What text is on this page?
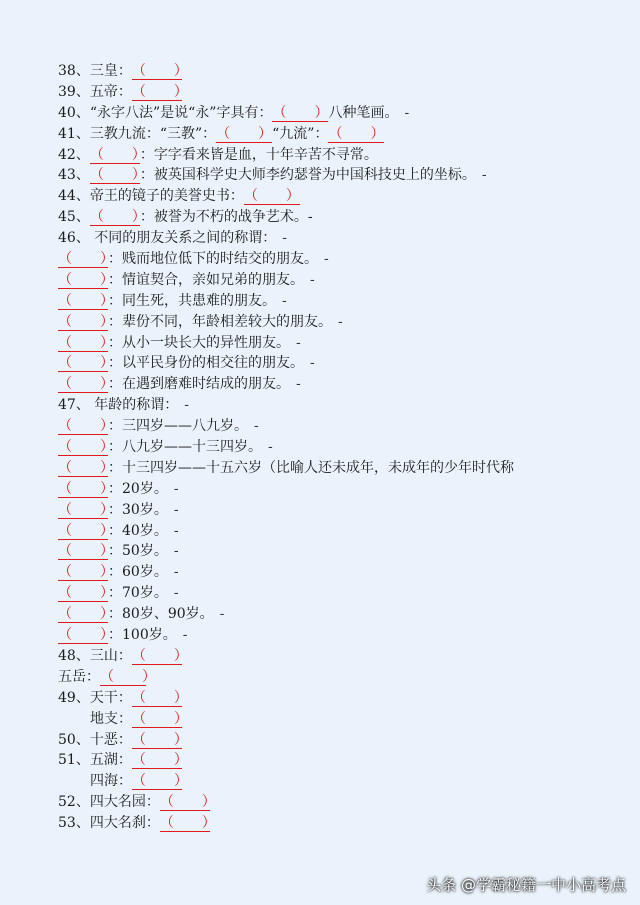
38、三皇：（　　）
39、五帝：（　　）
40、“永字八法”是说“永”字具有：（　　）八种笔画。 -
41、三教九流：“三教”：（　　）“九流”：（　　）
42、（　　）：字字看来皆是血，十年辛苦不寻常。
43、（　　）：被英国科学史大师李约瑟誉为中国科技史上的坐标。 -
44、帝王的镜子的美誉史书：（　　）
45、（　　）：被誉为不朽的战争艺术。-
46、 不同的朋友关系之间的称谓： -
（　　）：贱而地位低下的时结交的朋友。 -
（　　）：情谊契合，亲如兄弟的朋友。 -
（　　）：同生死，共患难的朋友。 -
（　　）：辈份不同，年龄相差较大的朋友。 -
（　　）：从小一块长大的异性朋友。 -
（　　）：以平民身份的相交往的朋友。 -
（　　）：在遇到磨难时结成的朋友。 -
47、 年龄的称谓： -
（　　）：三四岁——八九岁。 -
（　　）：八九岁——十三四岁。 -
（　　）：十三四岁——十五六岁（比喻人还未成年，未成年的少年时代称
（　　）：20岁。 -
（　　）：30岁。 -
（　　）：40岁。 -
（　　）：50岁。 -
（　　）：60岁。 -
（　　）：70岁。 -
（　　）：80岁、90岁。 -
（　　）：100岁。 -
48、三山：（　　）
五岳：（　　）
49、天干：（　　）
地支：（　　）
50、十恶：（　　）
51、五湖：（　　）
四海：（　　）
52、四大名园：（　　）
53、四大名刹：（　　）
头条 @学霸秘籍一中小高考点
